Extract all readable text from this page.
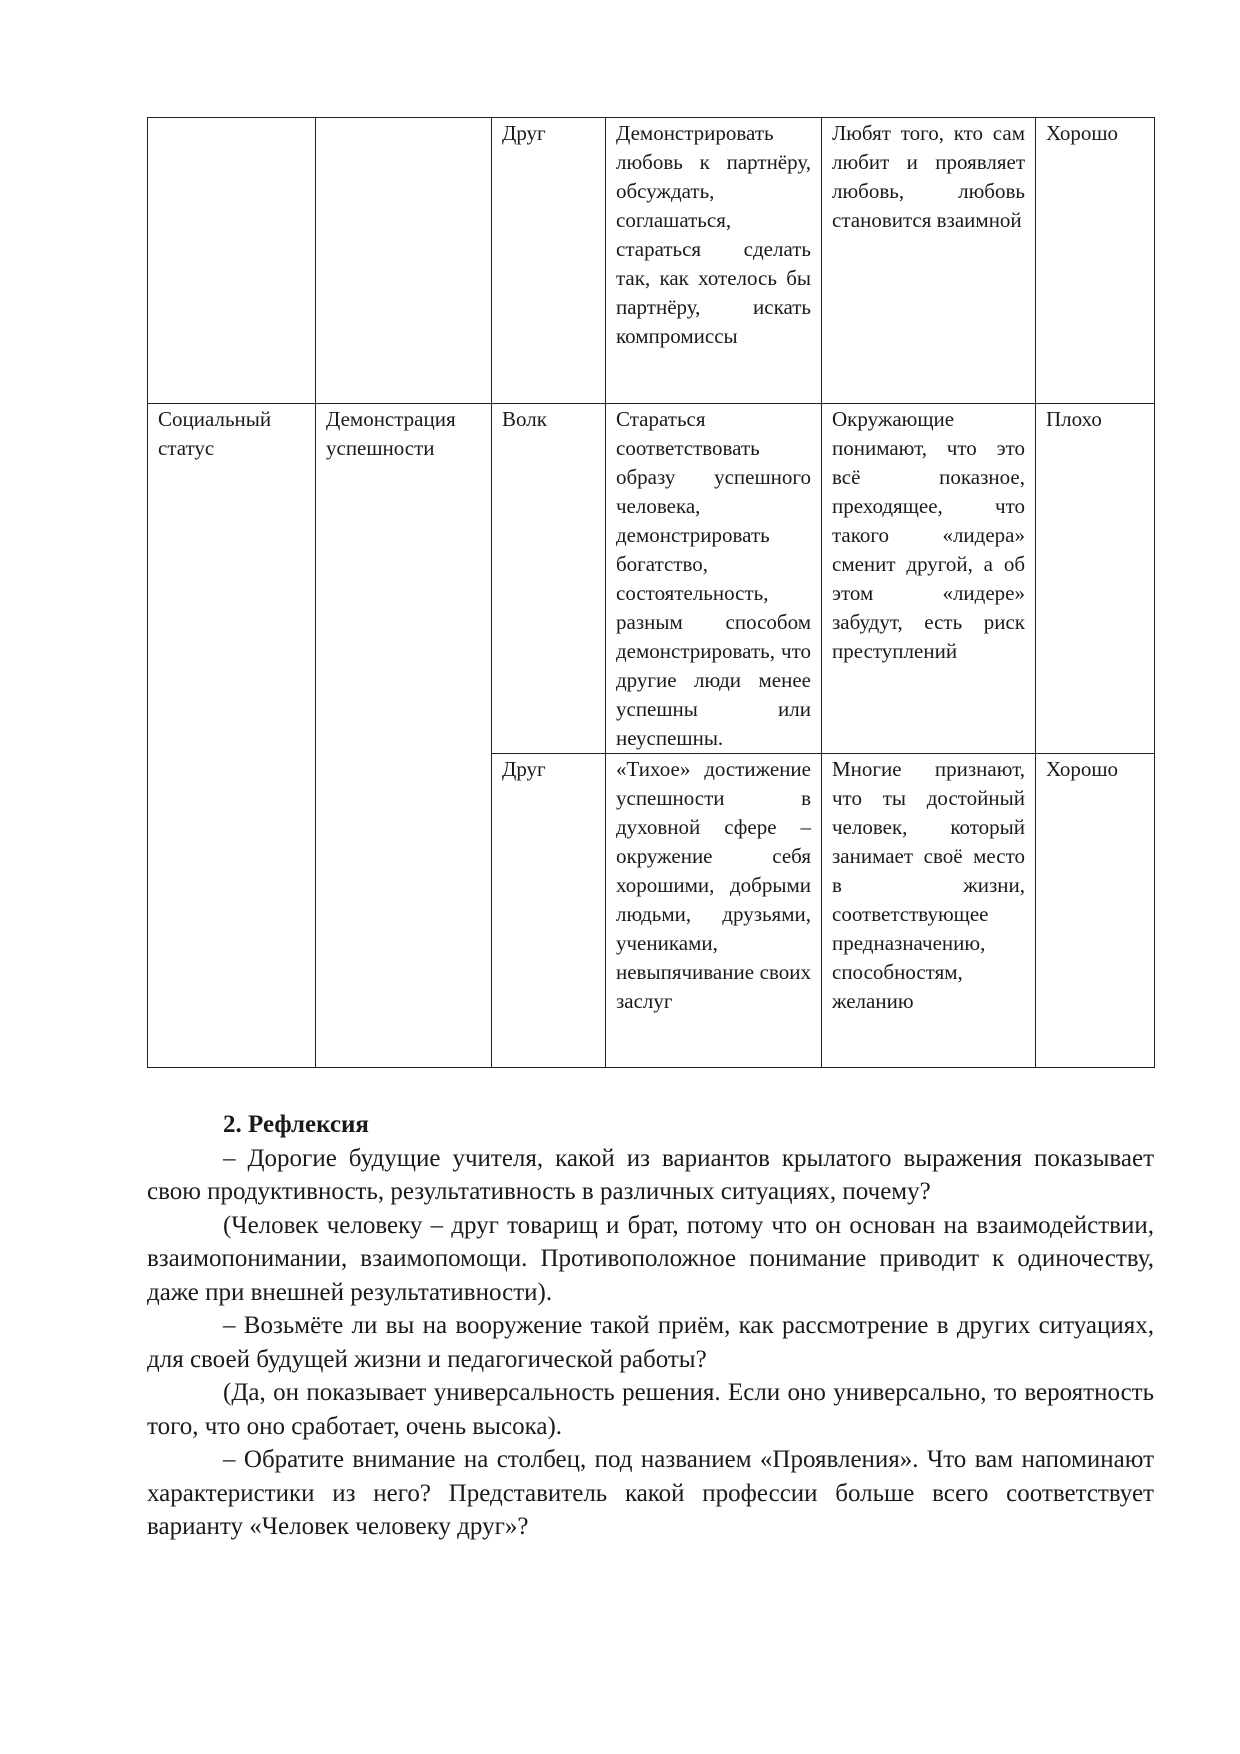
		Друг	Демонстрировать любовь к партнёру, обсуждать, соглашаться, стараться сделать так, как хотелось бы партнёру, искать компромиссы	Любят того, кто сам любит и проявляет любовь, любовь становится взаимной	Хорошо
Социальный статус	Демонстрация успешности	Волк	Стараться соответствовать образу успешного человека, демонстрировать богатство, состоятельность, разным способом демонстрировать, что другие люди менее успешны или неуспешны.	Окружающие понимают, что это всё показное, преходящее, что такого «лидера» сменит другой, а об этом «лидере» забудут, есть риск преступлений	Плохо
		Друг	«Тихое» достижение успешности в духовной сфере – окружение себя хорошими, добрыми людьми, друзьями, учениками, невыпячивание своих заслуг	Многие признают, что ты достойный человек, который занимает своё место в жизни, соответствующее предназначению, способностям, желанию	Хорошо
2. Рефлексия

– Дорогие будущие учителя, какой из вариантов крылатого выражения показывает свою продуктивность, результативность в различных ситуациях, почему?

(Человек человеку – друг товарищ и брат, потому что он основан на взаимодействии, взаимопонимании, взаимопомощи. Противоположное понимание приводит к одиночеству, даже при внешней результативности).

– Возьмёте ли вы на вооружение такой приём, как рассмотрение в других ситуациях, для своей будущей жизни и педагогической работы?

(Да, он показывает универсальность решения. Если оно универсально, то вероятность того, что оно сработает, очень высока).

– Обратите внимание на столбец, под названием «Проявления». Что вам напоминают характеристики из него? Представитель какой профессии больше всего соответствует варианту «Человек человеку друг»?
